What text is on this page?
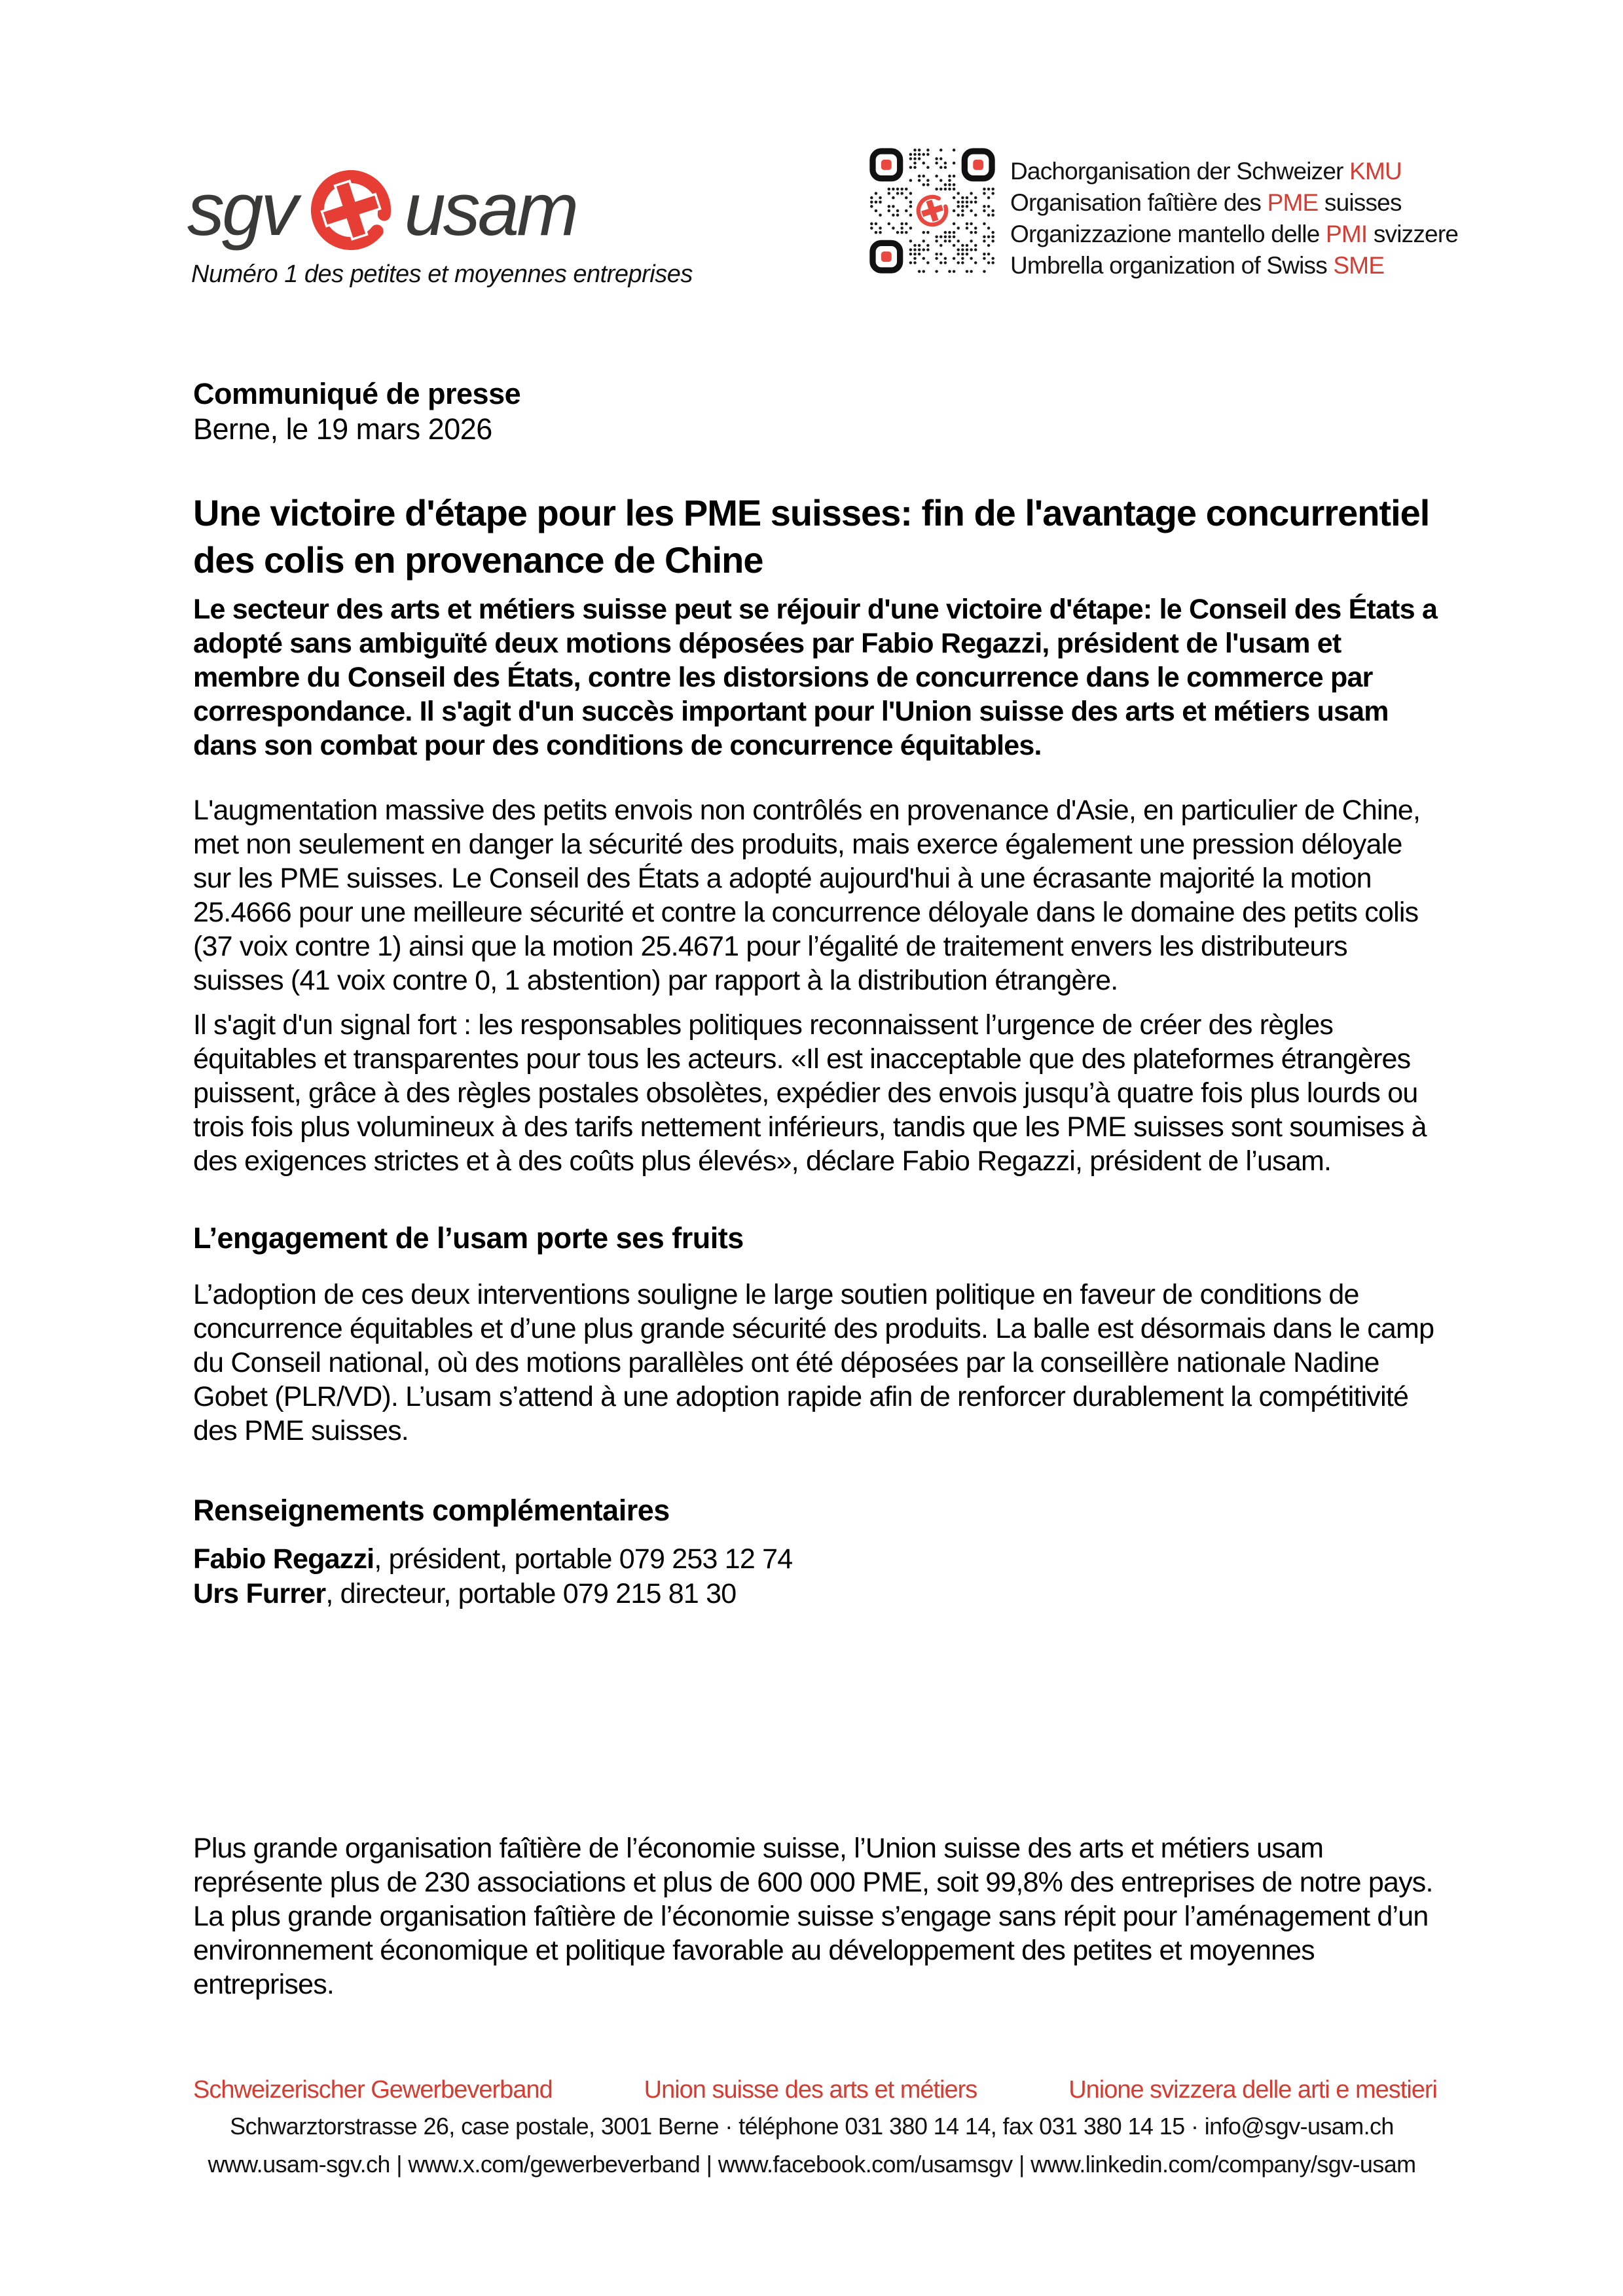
sgv usam
Numéro 1 des petites et moyennes entreprises
Dachorganisation der Schweizer KMU
Organisation faîtière des PME suisses
Organizzazione mantello delle PMI svizzere
Umbrella organization of Swiss SME
Communiqué de presse
Berne, le 19 mars 2026
Une victoire d'étape pour les PME suisses: fin de l'avantage concurrentiel des colis en provenance de Chine
Le secteur des arts et métiers suisse peut se réjouir d'une victoire d'étape: le Conseil des États a adopté sans ambiguïté deux motions déposées par Fabio Regazzi, président de l'usam et membre du Conseil des États, contre les distorsions de concurrence dans le commerce par correspondance. Il s'agit d'un succès important pour l'Union suisse des arts et métiers usam dans son combat pour des conditions de concurrence équitables.
L'augmentation massive des petits envois non contrôlés en provenance d'Asie, en particulier de Chine, met non seulement en danger la sécurité des produits, mais exerce également une pression déloyale sur les PME suisses. Le Conseil des États a adopté aujourd'hui à une écrasante majorité la motion 25.4666 pour une meilleure sécurité et contre la concurrence déloyale dans le domaine des petits colis (37 voix contre 1) ainsi que la motion 25.4671 pour l’égalité de traitement envers les distributeurs suisses (41 voix contre 0, 1 abstention) par rapport à la distribution étrangère.
Il s'agit d'un signal fort : les responsables politiques reconnaissent l’urgence de créer des règles équitables et transparentes pour tous les acteurs. «Il est inacceptable que des plateformes étrangères puissent, grâce à des règles postales obsolètes, expédier des envois jusqu’à quatre fois plus lourds ou trois fois plus volumineux à des tarifs nettement inférieurs, tandis que les PME suisses sont soumises à des exigences strictes et à des coûts plus élevés», déclare Fabio Regazzi, président de l’usam.
L’engagement de l’usam porte ses fruits
L’adoption de ces deux interventions souligne le large soutien politique en faveur de conditions de concurrence équitables et d’une plus grande sécurité des produits. La balle est désormais dans le camp du Conseil national, où des motions parallèles ont été déposées par la conseillère nationale Nadine Gobet (PLR/VD). L’usam s’attend à une adoption rapide afin de renforcer durablement la compétitivité des PME suisses.
Renseignements complémentaires
Fabio Regazzi, président, portable 079 253 12 74
Urs Furrer, directeur, portable 079 215 81 30
Plus grande organisation faîtière de l’économie suisse, l’Union suisse des arts et métiers usam représente plus de 230 associations et plus de 600 000 PME, soit 99,8% des entreprises de notre pays. La plus grande organisation faîtière de l’économie suisse s’engage sans répit pour l’aménagement d’un environnement économique et politique favorable au développement des petites et moyennes entreprises.
Schweizerischer Gewerbeverband	Union suisse des arts et métiers	Unione svizzera delle arti e mestieri
Schwarztorstrasse 26, case postale, 3001 Berne · téléphone 031 380 14 14, fax 031 380 14 15 · info@sgv-usam.ch
www.usam-sgv.ch | www.x.com/gewerbeverband | www.facebook.com/usamsgv | www.linkedin.com/company/sgv-usam
